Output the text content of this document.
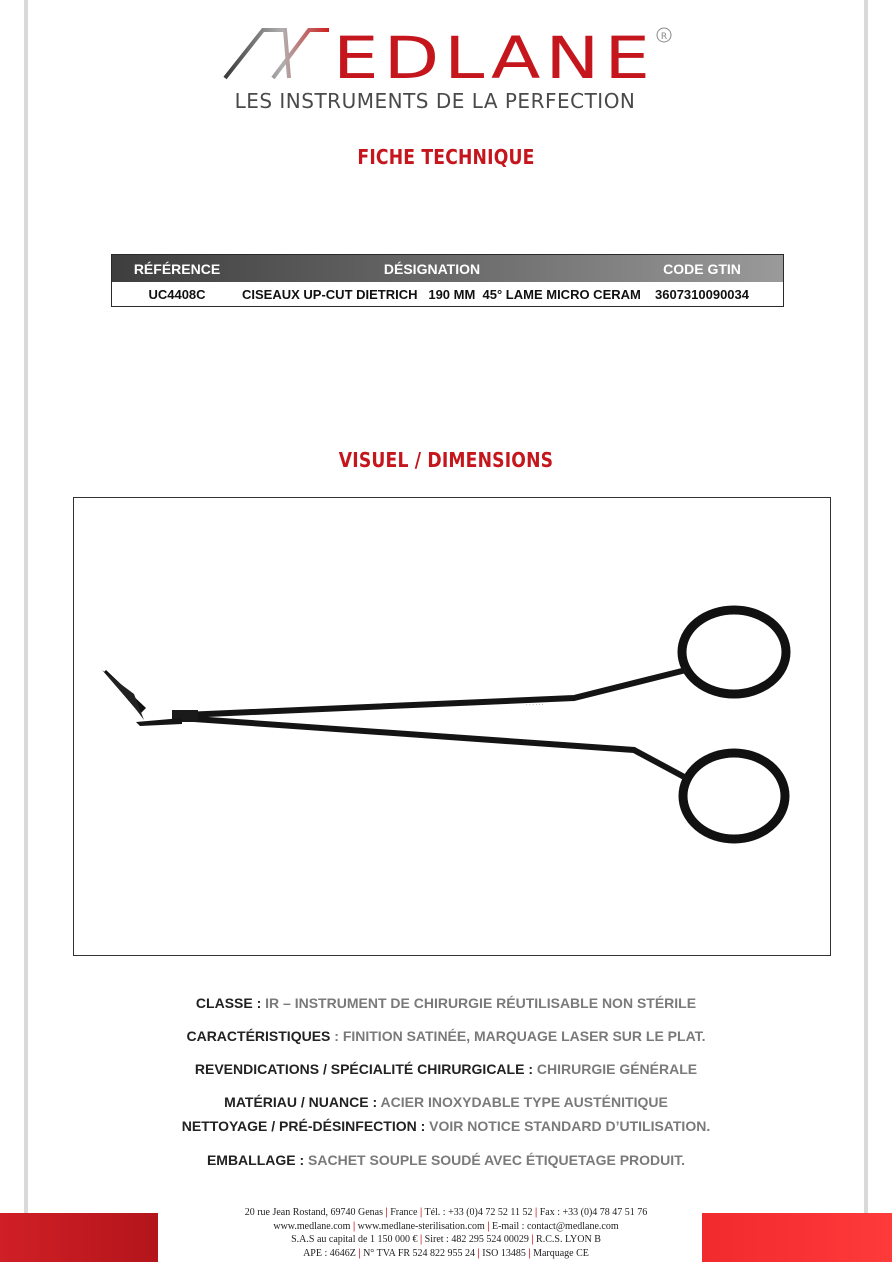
EDLANE R
LES INSTRUMENTS DE LA PERFECTION
FICHE TECHNIQUE
RÉFÉRENCE	DÉSIGNATION	CODE GTIN
UC4408C	CISEAUX UP-CUT DIETRICH   190 MM  45° LAME MICRO CERAM	3607310090034
VISUEL / DIMENSIONS
. . . . . .
. . . . .
CLASSE : IR – INSTRUMENT DE CHIRURGIE RÉUTILISABLE NON STÉRILE
CARACTÉRISTIQUES : FINITION SATINÉE, MARQUAGE LASER SUR LE PLAT.
REVENDICATIONS / SPÉCIALITÉ CHIRURGICALE : CHIRURGIE GÉNÉRALE
MATÉRIAU / NUANCE : ACIER INOXYDABLE TYPE AUSTÉNITIQUE
NETTOYAGE / PRÉ-DÉSINFECTION : VOIR NOTICE STANDARD D’UTILISATION.
EMBALLAGE : SACHET SOUPLE SOUDÉ AVEC ÉTIQUETAGE PRODUIT.
20 rue Jean Rostand, 69740 Genas | France | Tél. : +33 (0)4 72 52 11 52 | Fax : +33 (0)4 78 47 51 76
www.medlane.com | www.medlane-sterilisation.com | E-mail : contact@medlane.com
S.A.S au capital de 1 150 000 € | Siret : 482 295 524 00029 | R.C.S. LYON B
APE : 4646Z | N° TVA FR 524 822 955 24 | ISO 13485 | Marquage CE
